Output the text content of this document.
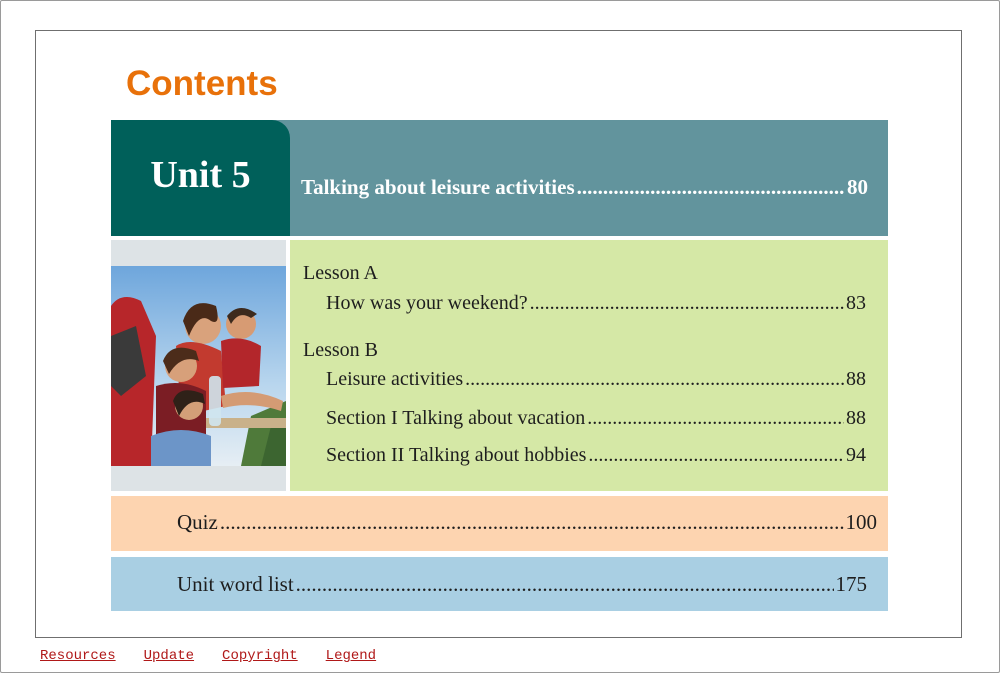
Contents
Unit 5	Talking about leisure activities .....	80
Lesson A
How was your weekend? .....	83
Lesson B
Leisure activities .....	88
Section I Talking about vacation .....	88
Section II Talking about hobbies .....	94
Quiz .....	100
Unit word list .....	175
Resources Update Copyright Legend
